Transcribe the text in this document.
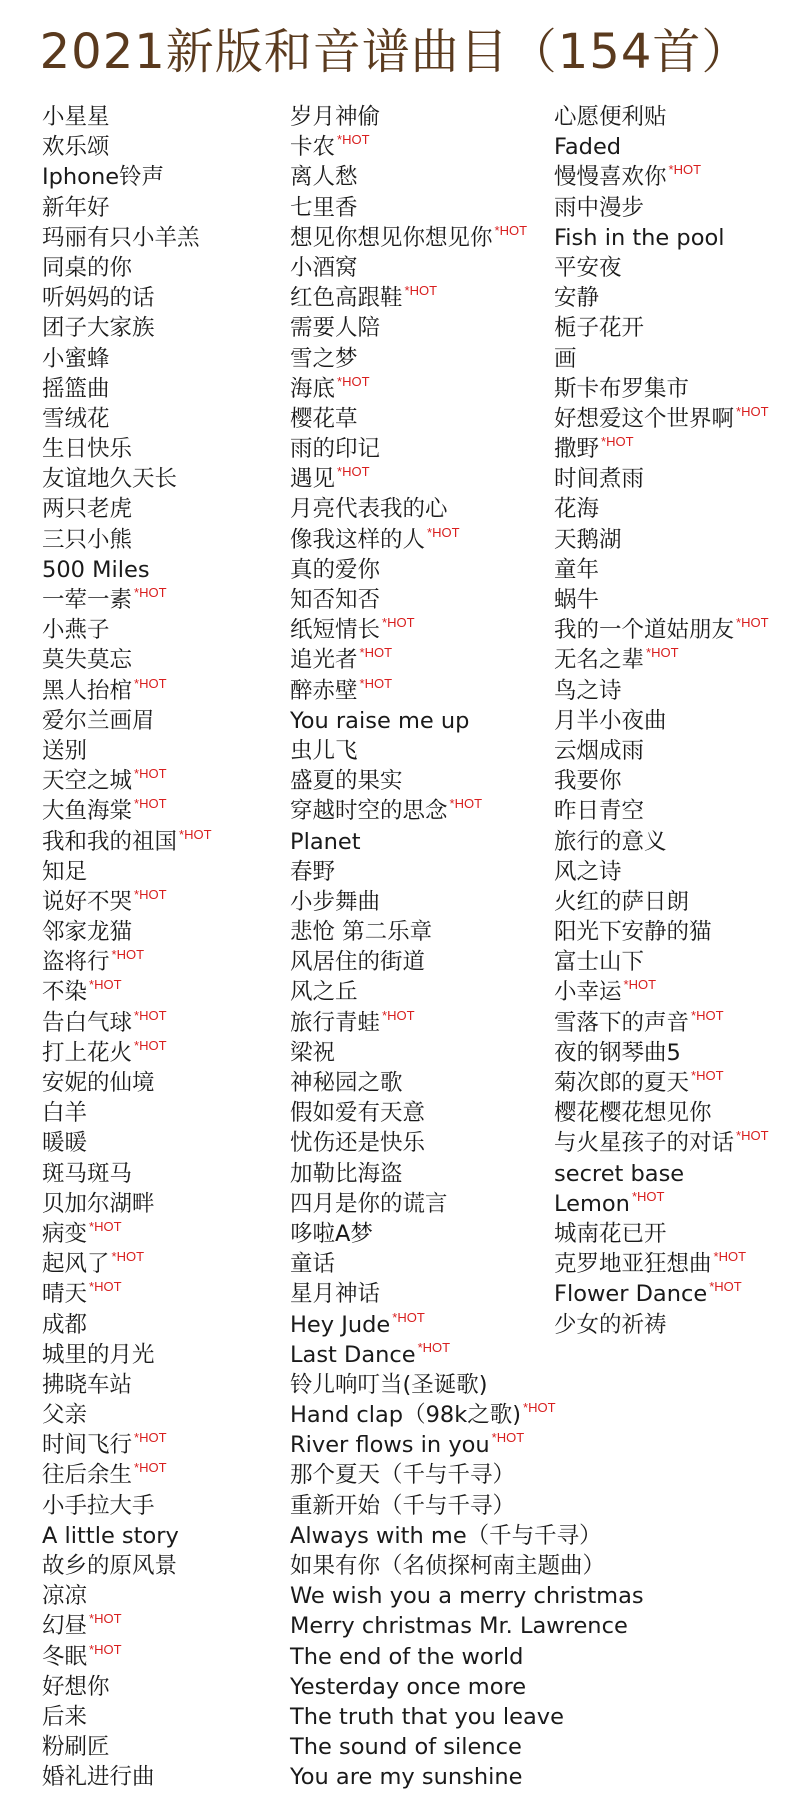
2021新版和音谱曲目（154首）
小星星
欢乐颂
Iphone铃声
新年好
玛丽有只小羊羔
同桌的你
听妈妈的话
团子大家族
小蜜蜂
摇篮曲
雪绒花
生日快乐
友谊地久天长
两只老虎
三只小熊
500 Miles
一荤一素 $^{*HOT}$
小燕子
莫失莫忘
黑人抬棺 $^{*HOT}$
爱尔兰画眉
送别
天空之城 $^{*HOT}$
大鱼海棠 $^{*HOT}$
我和我的祖国 $^{*HOT}$
知足
说好不哭 $^{*HOT}$
邻家龙猫
盗将行 $^{*HOT}$
不染 $^{*HOT}$
告白气球 $^{*HOT}$
打上花火 $^{*HOT}$
安妮的仙境
白羊
暖暖
斑马斑马
贝加尔湖畔
病变 $^{*HOT}$
起风了 $^{*HOT}$
晴天 $^{*HOT}$
成都
城里的月光
拂晓车站
父亲
时间飞行 $^{*HOT}$
往后余生 $^{*HOT}$
小手拉大手
A little story
故乡的原风景
凉凉
幻昼 $^{*HOT}$
冬眠 $^{*HOT}$
好想你
后来
粉刷匠
婚礼进行曲
岁月神偷
卡农 $^{*HOT}$
离人愁
七里香
想见你想见你想见你 $^{*HOT}$
小酒窝
红色高跟鞋 $^{*HOT}$
需要人陪
雪之梦
海底 $^{*HOT}$
樱花草
雨的印记
遇见 $^{*HOT}$
月亮代表我的心
像我这样的人 $^{*HOT}$
真的爱你
知否知否
纸短情长 $^{*HOT}$
追光者 $^{*HOT}$
醉赤壁 $^{*HOT}$
You raise me up
虫儿飞
盛夏的果实
穿越时空的思念 $^{*HOT}$
Planet
春野
小步舞曲
悲怆 第二乐章
风居住的街道
风之丘
旅行青蛙 $^{*HOT}$
梁祝
神秘园之歌
假如爱有天意
忧伤还是快乐
加勒比海盗
四月是你的谎言
哆啦A梦
童话
星月神话
Hey Jude $^{*HOT}$
Last Dance $^{*HOT}$
铃儿响叮当(圣诞歌)
Hand clap（98k之歌) $^{*HOT}$
River flows in you $^{*HOT}$
那个夏天（千与千寻）
重新开始（千与千寻）
Always with me（千与千寻）
如果有你（名侦探柯南主题曲）
We wish you a merry christmas
Merry christmas Mr. Lawrence
The end of the world
Yesterday once more
The truth that you leave
The sound of silence
You are my sunshine
心愿便利贴
Faded
慢慢喜欢你 $^{*HOT}$
雨中漫步
Fish in the pool
平安夜
安静
栀子花开
画
斯卡布罗集市
好想爱这个世界啊 $^{*HOT}$
撒野 $^{*HOT}$
时间煮雨
花海
天鹅湖
童年
蜗牛
我的一个道姑朋友 $^{*HOT}$
无名之辈 $^{*HOT}$
鸟之诗
月半小夜曲
云烟成雨
我要你
昨日青空
旅行的意义
风之诗
火红的萨日朗
阳光下安静的猫
富士山下
小幸运 $^{*HOT}$
雪落下的声音 $^{*HOT}$
夜的钢琴曲5
菊次郎的夏天 $^{*HOT}$
樱花樱花想见你
与火星孩子的对话 $^{*HOT}$
secret base
Lemon $^{*HOT}$
城南花已开
克罗地亚狂想曲 $^{*HOT}$
Flower Dance $^{*HOT}$
少女的祈祷
